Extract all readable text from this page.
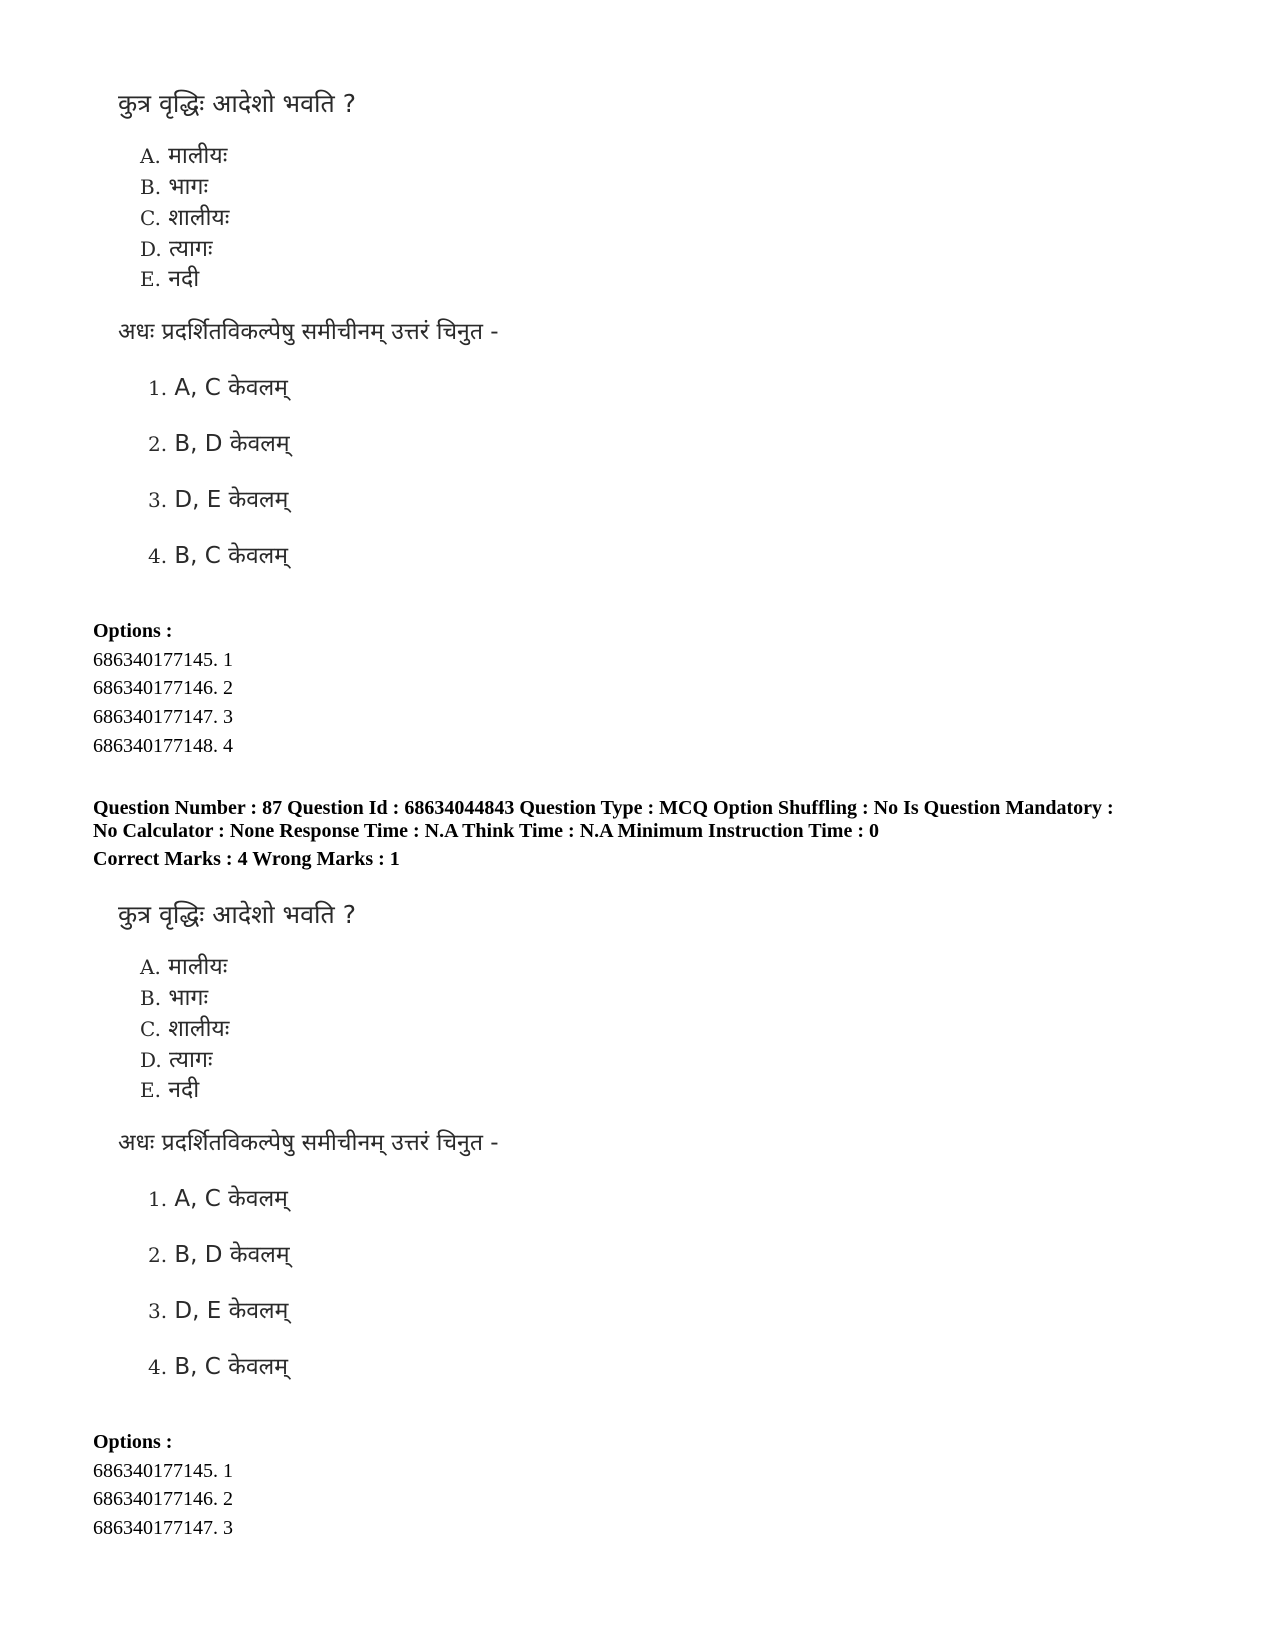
कुत्र वृद्धिः आदेशो भवति ?
A. मालीयः
B. भागः
C. शालीयः
D. त्यागः
E. नदी
अधः प्रदर्शितविकल्पेषु समीचीनम् उत्तरं चिनुत -
1. A, C केवलम्
2. B, D केवलम्
3. D, E केवलम्
4. B, C केवलम्
Options :
686340177145. 1
686340177146. 2
686340177147. 3
686340177148. 4
Question Number : 87 Question Id : 68634044843 Question Type : MCQ Option Shuffling : No Is Question Mandatory :
No Calculator : None Response Time : N.A Think Time : N.A Minimum Instruction Time : 0
Correct Marks : 4 Wrong Marks : 1
कुत्र वृद्धिः आदेशो भवति ?
A. मालीयः
B. भागः
C. शालीयः
D. त्यागः
E. नदी
अधः प्रदर्शितविकल्पेषु समीचीनम् उत्तरं चिनुत -
1. A, C केवलम्
2. B, D केवलम्
3. D, E केवलम्
4. B, C केवलम्
Options :
686340177145. 1
686340177146. 2
686340177147. 3
